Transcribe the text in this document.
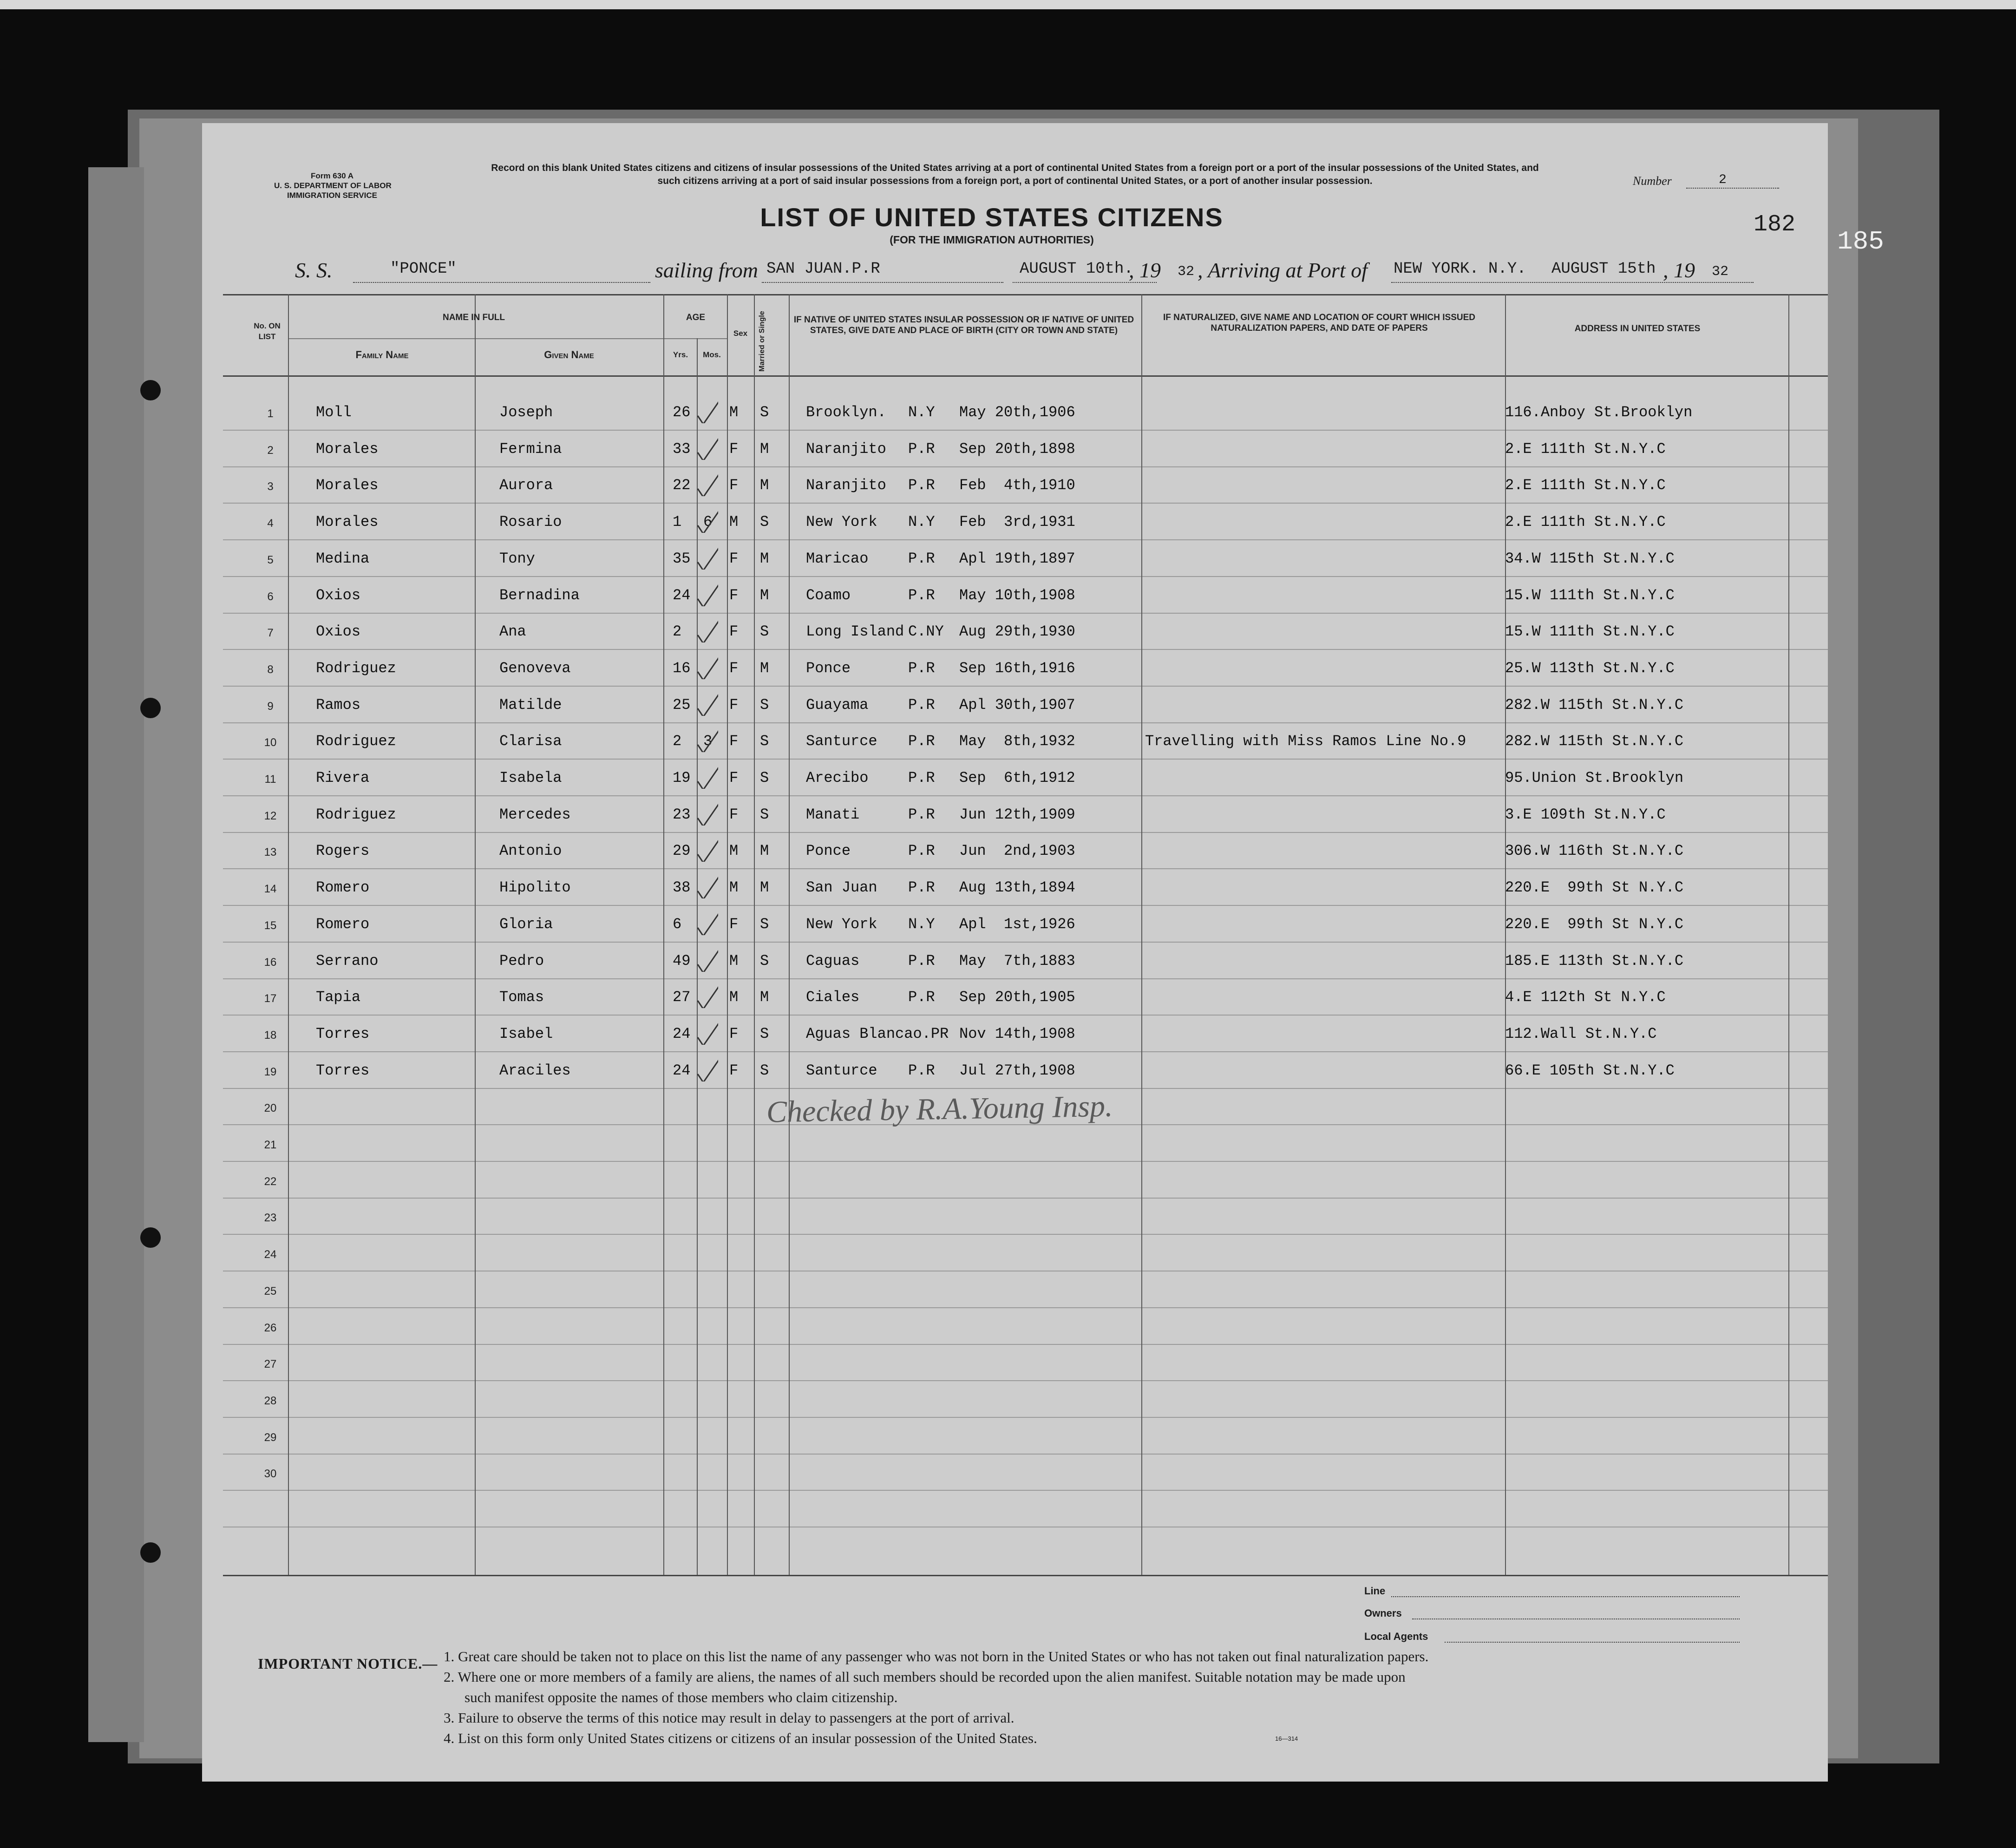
185
Form 630 A
U. S. DEPARTMENT OF LABOR
IMMIGRATION SERVICE
Record on this blank United States citizens and citizens of insular possessions of the United States arriving at a port of continental United States from a foreign port or a port of the insular possessions of the United States, and such citizens arriving at a port of said insular possessions from a foreign port, a port of continental United States, or a port of another insular possession.	Number	2
182
LIST OF UNITED STATES CITIZENS
(FOR THE IMMIGRATION AUTHORITIES)
S. S.	"PONCE"	sailing from SAN JUAN.P.R	AUGUST 10th.
, 19 32 , Arriving at Port of NEW YORK. N.Y. AUGUST 15th , 19 32
No. ON LIST
NAME IN FULL
Family Name	Given Name
AGE
Yrs.	Mos.
Sex	Married or Single	IF NATIVE OF UNITED STATES INSULAR POSSESSION OR IF NATIVE OF UNITED STATES, GIVE DATE AND PLACE OF BIRTH (CITY OR TOWN AND STATE)
IF NATURALIZED, GIVE NAME AND LOCATION OF COURT WHICH ISSUED NATURALIZATION PAPERS, AND DATE OF PAPERS	ADDRESS IN UNITED STATES
1	Moll	Joseph	26	M S Brooklyn. N.Y May 20th,1906	116.Anboy St.Brooklyn
2	Morales	Fermina	33	F M Naranjito P.R Sep 20th,1898	2.E 111th St.N.Y.C
3	Morales	Aurora	22	F M Naranjito P.R Feb  4th,1910	2.E 111th St.N.Y.C
4	Morales	Rosario	1 6 M S New York N.Y Feb  3rd,1931	2.E 111th St.N.Y.C
5	Medina	Tony	35	F M Maricao	P.R Apl 19th,1897	34.W 115th St.N.Y.C
6	Oxios	Bernadina	24	F M Coamo	P.R May 10th,1908	15.W 111th St.N.Y.C
7	Oxios	Ana	2	F S Long Island C.NY Aug 29th,1930	15.W 111th St.N.Y.C
8	Rodriguez	Genoveva	16	F M Ponce	P.R Sep 16th,1916	25.W 113th St.N.Y.C
9	Ramos	Matilde	25	F S Guayama	P.R Apl 30th,1907	282.W 115th St.N.Y.C
10	Rodriguez	Clarisa	2 3 F S Santurce P.R May  8th,1932	Travelling with Miss Ramos Line No.9	282.W 115th St.N.Y.C
11	Rivera	Isabela	19	F S Arecibo	P.R Sep  6th,1912	95.Union St.Brooklyn
12	Rodriguez	Mercedes	23	F S Manati	P.R Jun 12th,1909	3.E 109th St.N.Y.C
13	Rogers	Antonio	29	M M Ponce	P.R Jun  2nd,1903	306.W 116th St.N.Y.C
14	Romero	Hipolito	38	M M San Juan P.R Aug 13th,1894	220.E  99th St N.Y.C
15	Romero	Gloria	6	F S New York N.Y Apl  1st,1926	220.E  99th St N.Y.C
16	Serrano	Pedro	49	M S Caguas	P.R May  7th,1883	185.E 113th St.N.Y.C
17	Tapia	Tomas	27	M M Ciales	P.R Sep 20th,1905	4.E 112th St N.Y.C
18	Torres	Isabel	24	F S Aguas Blancao.PR Nov 14th,1908	112.Wall St.N.Y.C
19	Torres	Araciles	24	F S Santurce P.R Jul 27th,1908	66.E 105th St.N.Y.C
20
21
22
23
24
25
26
27
28
29
30
Checked by R.A.Young Insp.
Line
Owners
Local Agents
IMPORTANT NOTICE.— 1. Great care should be taken not to place on this list the name of any passenger who was not born in the United States or who has not taken out final naturalization papers.
2. Where one or more members of a family are aliens, the names of all such members should be recorded upon the alien manifest. Suitable notation may be made upon
such manifest opposite the names of those members who claim citizenship.
3. Failure to observe the terms of this notice may result in delay to passengers at the port of arrival.
4. List on this form only United States citizens or citizens of an insular possession of the United States.	16—314
